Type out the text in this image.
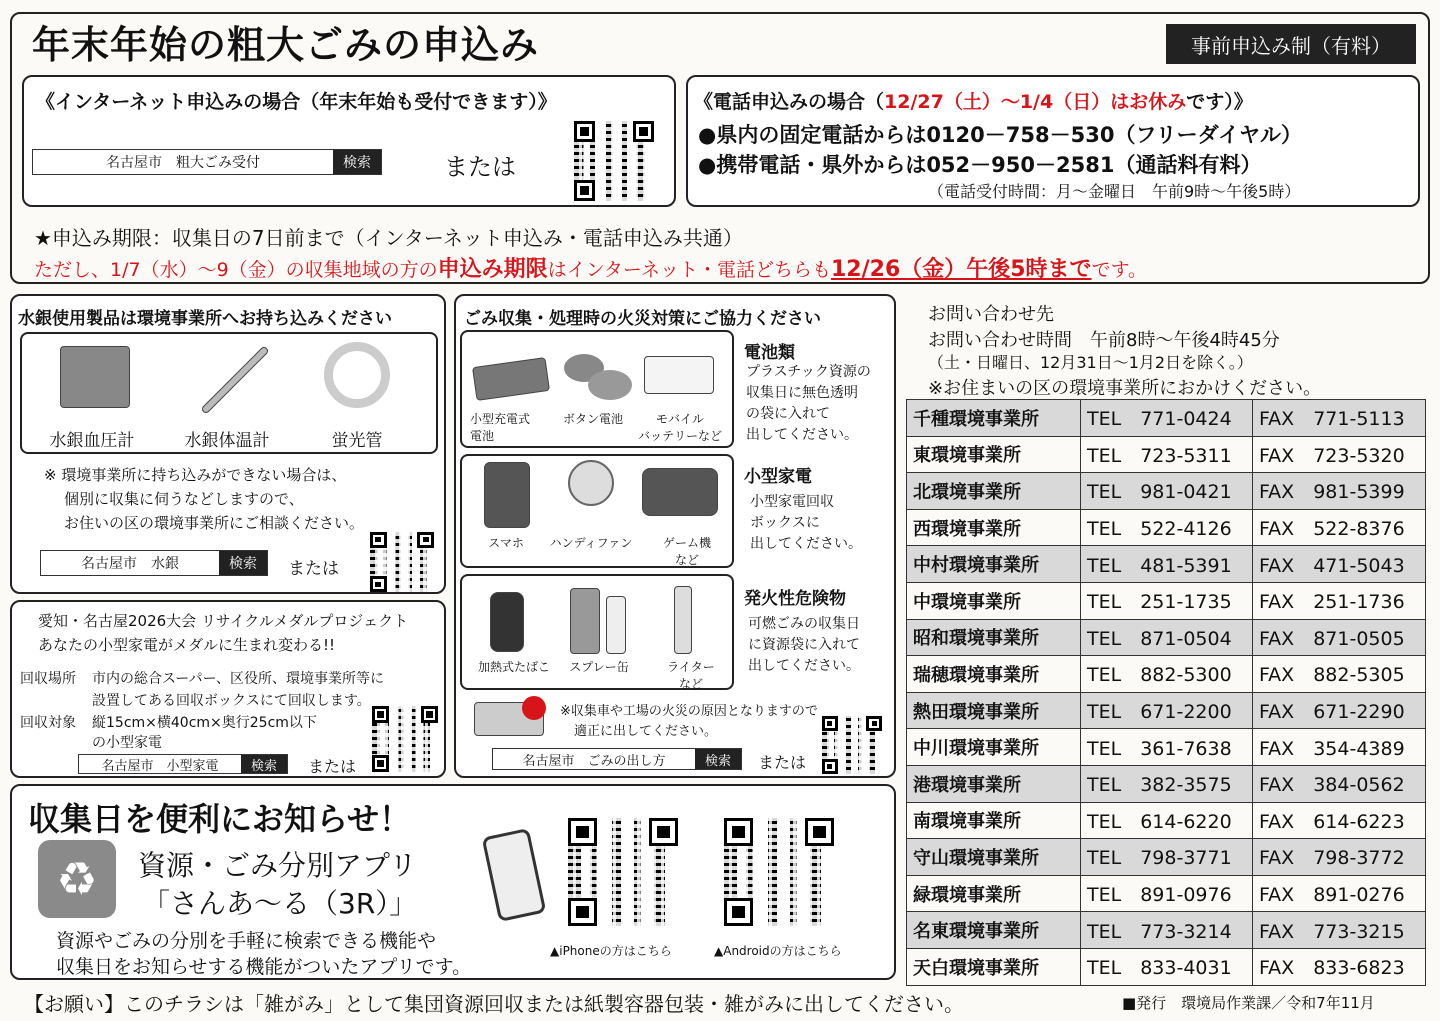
年末年始の粗大ごみの申込み	事前申込み制（有料）
《インターネット申込みの場合（年末年始も受付できます）》
名古屋市　粗大ごみ受付	検索	または
《電話申込みの場合（12/27（土）～1/4（日）はお休みです）》
●県内の固定電話からは0120－758－530（フリーダイヤル）
●携帯電話・県外からは052－950－2581（通話料有料）
（電話受付時間：月～金曜日　午前9時～午後5時）
★申込み期限：収集日の7日前まで（インターネット申込み・電話申込み共通）
ただし、1/7（水）～9（金）の収集地域の方の申込み期限はインターネット・電話どちらも12/26（金）午後5時までです。
水銀使用製品は環境事業所へお持ち込みください
水銀血圧計	水銀体温計	蛍光管
※ 環境事業所に持ち込みができない場合は、
個別に収集に伺うなどしますので、
お住いの区の環境事業所にご相談ください。
名古屋市　水銀	検索	または
愛知・名古屋2026大会 リサイクルメダルプロジェクト
あなたの小型家電がメダルに生まれ変わる!!
回収場所 市内の総合スーパー、区役所、環境事業所等に
設置してある回収ボックスにて回収します。
回収対象 縦15cm×横40cm×奥行25cm以下
の小型家電
名古屋市　小型家電	検索	または
ごみ収集・処理時の火災対策にご協力ください
小型充電式
電池
ボタン電池	モバイル
バッテリーなど
電池類
プラスチック資源の
収集日に無色透明
の袋に入れて
出してください。
スマホ	ハンディファン	ゲーム機
など
小型家電
小型家電回収
ボックスに
出してください。
加熱式たばこ	スプレー缶	ライター
など
発火性危険物
可燃ごみの収集日
に資源袋に入れて
出してください。
※収集車や工場の火災の原因となりますので
適正に出してください。
名古屋市　ごみの出し方	検索	または
お問い合わせ先
お問い合わせ時間　午前8時～午後4時45分
（土・日曜日、12月31日～1月2日を除く。）
※お住まいの区の環境事業所におかけください。
千種環境事業所	TEL　771-0424	FAX　771-5113
東環境事業所	TEL　723-5311	FAX　723-5320
北環境事業所	TEL　981-0421	FAX　981-5399
西環境事業所	TEL　522-4126	FAX　522-8376
中村環境事業所	TEL　481-5391	FAX　471-5043
中環境事業所	TEL　251-1735	FAX　251-1736
昭和環境事業所	TEL　871-0504	FAX　871-0505
瑞穂環境事業所	TEL　882-5300	FAX　882-5305
熱田環境事業所	TEL　671-2200	FAX　671-2290
中川環境事業所	TEL　361-7638	FAX　354-4389
港環境事業所	TEL　382-3575	FAX　384-0562
南環境事業所	TEL　614-6220	FAX　614-6223
守山環境事業所	TEL　798-3771	FAX　798-3772
緑環境事業所	TEL　891-0976	FAX　891-0276
名東環境事業所	TEL　773-3214	FAX　773-3215
天白環境事業所	TEL　833-4031	FAX　833-6823
収集日を便利にお知らせ！
♻	資源・ごみ分別アプリ
「さんあ～る（3R）」
資源やごみの分別を手軽に検索できる機能や
収集日をお知らせする機能がついたアプリです。
▲iPhoneの方はこちら	▲Androidの方はこちら
【お願い】このチラシは「雑がみ」として集団資源回収または紙製容器包装・雑がみに出してください。	■発行　環境局作業課／令和7年11月
